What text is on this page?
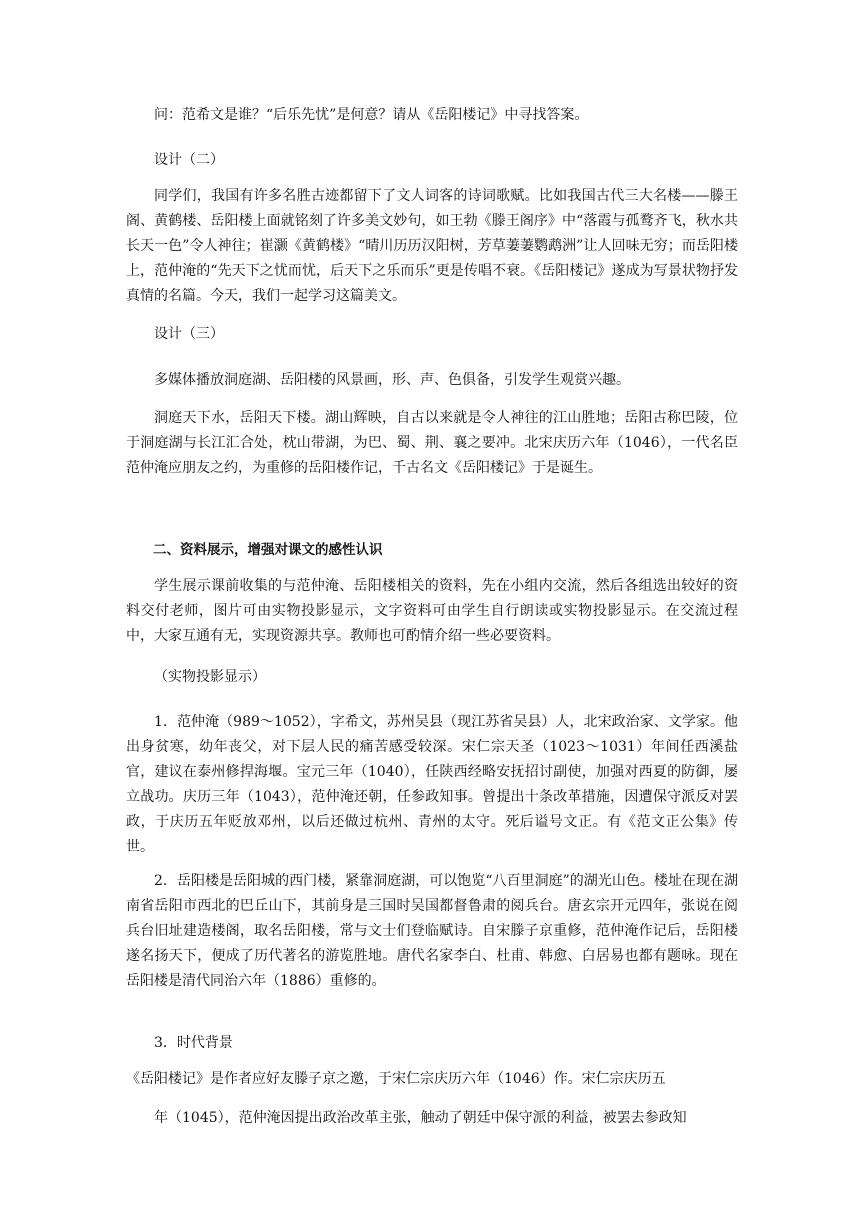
问：范希文是谁？“后乐先忧”是何意？请从《岳阳楼记》中寻找答案。

设计（二）

同学们，我国有许多名胜古迹都留下了文人词客的诗词歌赋。比如我国古代三大名楼——滕王阁、黄鹤楼、岳阳楼上面就铭刻了许多美文妙句，如王勃《滕王阁序》中“落霞与孤鹜齐飞，秋水共长天一色”令人神往；崔灏《黄鹤楼》“晴川历历汉阳树，芳草萋萋鹦鹉洲”让人回味无穷；而岳阳楼上，范仲淹的“先天下之忧而忧，后天下之乐而乐”更是传唱不衰。《岳阳楼记》遂成为写景状物抒发真情的名篇。今天，我们一起学习这篇美文。

设计（三）

多媒体播放洞庭湖、岳阳楼的风景画，形、声、色俱备，引发学生观赏兴趣。

洞庭天下水，岳阳天下楼。湖山辉映，自古以来就是令人神往的江山胜地；岳阳古称巴陵，位于洞庭湖与长江汇合处，枕山带湖，为巴、蜀、荆、襄之要冲。北宋庆历六年（1046），一代名臣范仲淹应朋友之约，为重修的岳阳楼作记，千古名文《岳阳楼记》于是诞生。

二、资料展示，增强对课文的感性认识

学生展示课前收集的与范仲淹、岳阳楼相关的资料，先在小组内交流，然后各组选出较好的资料交付老师，图片可由实物投影显示，文字资料可由学生自行朗读或实物投影显示。在交流过程中，大家互通有无，实现资源共享。教师也可酌情介绍一些必要资料。

（实物投影显示）

1．范仲淹（989～1052），字希文，苏州吴县（现江苏省吴县）人，北宋政治家、文学家。他出身贫寒，幼年丧父，对下层人民的痛苦感受较深。宋仁宗天圣（1023～1031）年间任西溪盐官，建议在泰州修捍海堰。宝元三年（1040），任陕西经略安抚招讨副使，加强对西夏的防御，屡立战功。庆历三年（1043），范仲淹还朝，任参政知事。曾提出十条改革措施，因遭保守派反对罢政，于庆历五年贬放邓州，以后还做过杭州、青州的太守。死后谥号文正。有《范文正公集》传世。

2．岳阳楼是岳阳城的西门楼，紧靠洞庭湖，可以饱览“八百里洞庭”的湖光山色。楼址在现在湖南省岳阳市西北的巴丘山下，其前身是三国时吴国都督鲁肃的阅兵台。唐玄宗开元四年，张说在阅兵台旧址建造楼阁，取名岳阳楼，常与文士们登临赋诗。自宋滕子京重修，范仲淹作记后，岳阳楼遂名扬天下，便成了历代著名的游览胜地。唐代名家李白、杜甫、韩愈、白居易也都有题咏。现在岳阳楼是清代同治六年（1886）重修的。

3．时代背景

《岳阳楼记》是作者应好友滕子京之邀，于宋仁宗庆历六年（1046）作。宋仁宗庆历五

年（1045），范仲淹因提出政治改革主张，触动了朝廷中保守派的利益，被罢去参政知
